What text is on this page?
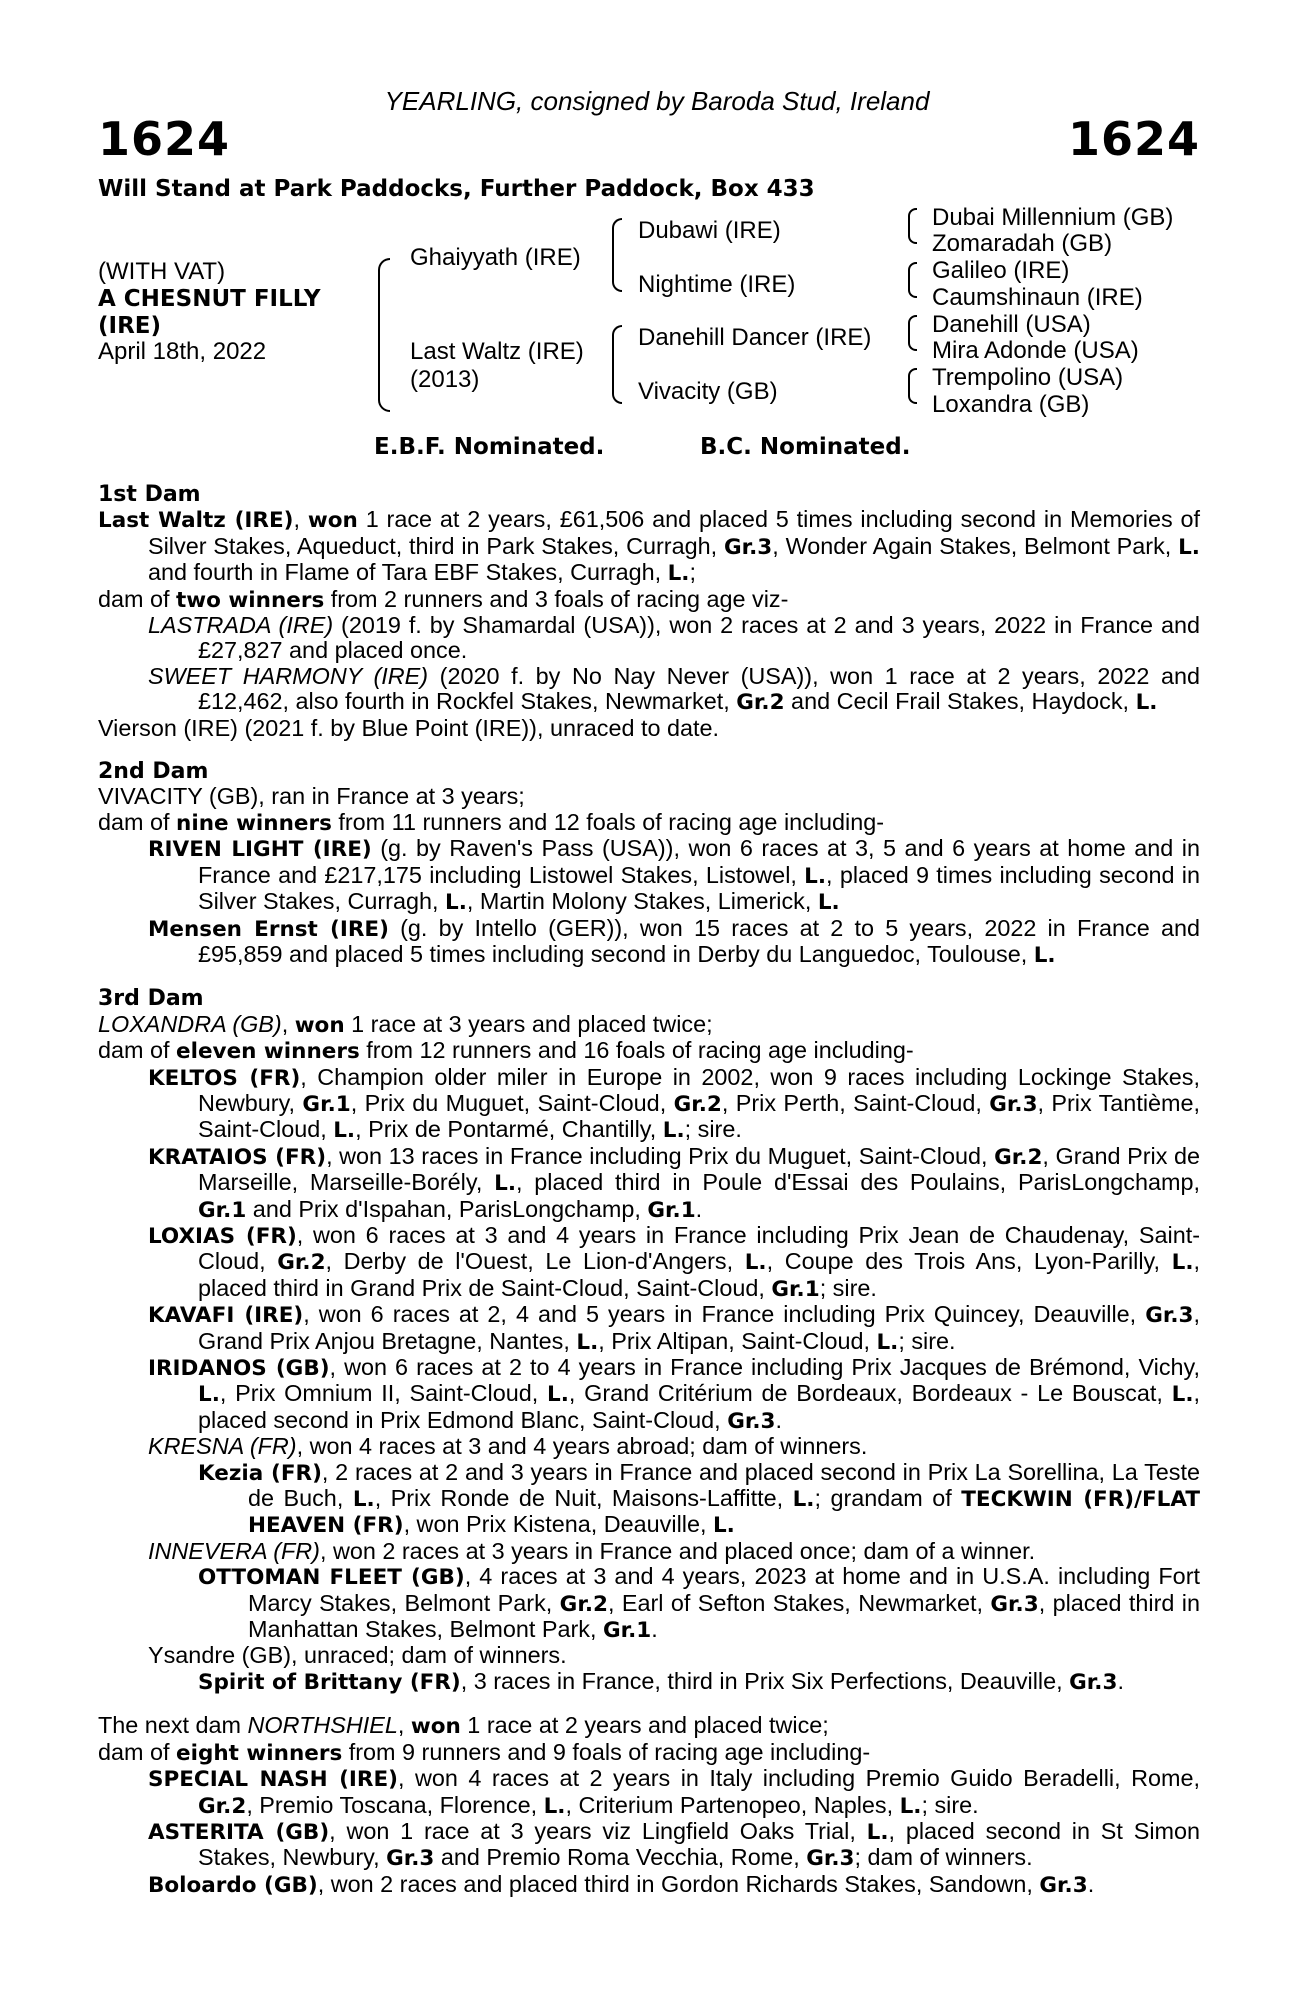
YEARLING, consigned by Baroda Stud, Ireland
1624	1624
Will Stand at Park Paddocks, Further Paddock, Box 433
(WITH VAT)
A CHESNUT FILLY
(IRE)
April 18th, 2022
Ghaiyyath (IRE)
Last Waltz (IRE)
(2013)
Dubawi (IRE)
Nightime (IRE)
Danehill Dancer (IRE)
Vivacity (GB)
Dubai Millennium (GB)
Zomaradah (GB)
Galileo (IRE)
Caumshinaun (IRE)
Danehill (USA)
Mira Adonde (USA)
Trempolino (USA)
Loxandra (GB)
E.B.F. Nominated.	B.C. Nominated.
1st Dam
Last Waltz (IRE), won 1 race at 2 years, £61,506 and placed 5 times including second in Memories of Silver Stakes, Aqueduct, third in Park Stakes, Curragh, Gr.3, Wonder Again Stakes, Belmont Park, L. and fourth in Flame of Tara EBF Stakes, Curragh, L.;
dam of two winners from 2 runners and 3 foals of racing age viz-
LASTRADA (IRE) (2019 f. by Shamardal (USA)), won 2 races at 2 and 3 years, 2022 in France and £27,827 and placed once.
SWEET HARMONY (IRE) (2020 f. by No Nay Never (USA)), won 1 race at 2 years, 2022 and £12,462, also fourth in Rockfel Stakes, Newmarket, Gr.2 and Cecil Frail Stakes, Haydock, L.
Vierson (IRE) (2021 f. by Blue Point (IRE)), unraced to date.
2nd Dam
VIVACITY (GB), ran in France at 3 years;
dam of nine winners from 11 runners and 12 foals of racing age including-
RIVEN LIGHT (IRE) (g. by Raven's Pass (USA)), won 6 races at 3, 5 and 6 years at home and in France and £217,175 including Listowel Stakes, Listowel, L., placed 9 times including second in Silver Stakes, Curragh, L., Martin Molony Stakes, Limerick, L.
Mensen Ernst (IRE) (g. by Intello (GER)), won 15 races at 2 to 5 years, 2022 in France and £95,859 and placed 5 times including second in Derby du Languedoc, Toulouse, L.
3rd Dam
LOXANDRA (GB), won 1 race at 3 years and placed twice;
dam of eleven winners from 12 runners and 16 foals of racing age including-
KELTOS (FR), Champion older miler in Europe in 2002, won 9 races including Lockinge Stakes, Newbury, Gr.1, Prix du Muguet, Saint-Cloud, Gr.2, Prix Perth, Saint-Cloud, Gr.3, Prix Tantième, Saint-Cloud, L., Prix de Pontarmé, Chantilly, L.; sire.
KRATAIOS (FR), won 13 races in France including Prix du Muguet, Saint-Cloud, Gr.2, Grand Prix de Marseille, Marseille-Borély, L., placed third in Poule d'Essai des Poulains, ParisLongchamp, Gr.1 and Prix d'Ispahan, ParisLongchamp, Gr.1.
LOXIAS (FR), won 6 races at 3 and 4 years in France including Prix Jean de Chaudenay, Saint-Cloud, Gr.2, Derby de l'Ouest, Le Lion-d'Angers, L., Coupe des Trois Ans, Lyon-Parilly, L., placed third in Grand Prix de Saint-Cloud, Saint-Cloud, Gr.1; sire.
KAVAFI (IRE), won 6 races at 2, 4 and 5 years in France including Prix Quincey, Deauville, Gr.3, Grand Prix Anjou Bretagne, Nantes, L., Prix Altipan, Saint-Cloud, L.; sire.
IRIDANOS (GB), won 6 races at 2 to 4 years in France including Prix Jacques de Brémond, Vichy, L., Prix Omnium II, Saint-Cloud, L., Grand Critérium de Bordeaux, Bordeaux - Le Bouscat, L., placed second in Prix Edmond Blanc, Saint-Cloud, Gr.3.
KRESNA (FR), won 4 races at 3 and 4 years abroad; dam of winners.
Kezia (FR), 2 races at 2 and 3 years in France and placed second in Prix La Sorellina, La Teste de Buch, L., Prix Ronde de Nuit, Maisons-Laffitte, L.; grandam of TECKWIN (FR)/FLAT HEAVEN (FR), won Prix Kistena, Deauville, L.
INNEVERA (FR), won 2 races at 3 years in France and placed once; dam of a winner.
OTTOMAN FLEET (GB), 4 races at 3 and 4 years, 2023 at home and in U.S.A. including Fort Marcy Stakes, Belmont Park, Gr.2, Earl of Sefton Stakes, Newmarket, Gr.3, placed third in Manhattan Stakes, Belmont Park, Gr.1.
Ysandre (GB), unraced; dam of winners.
Spirit of Brittany (FR), 3 races in France, third in Prix Six Perfections, Deauville, Gr.3.
The next dam NORTHSHIEL, won 1 race at 2 years and placed twice;
dam of eight winners from 9 runners and 9 foals of racing age including-
SPECIAL NASH (IRE), won 4 races at 2 years in Italy including Premio Guido Beradelli, Rome, Gr.2, Premio Toscana, Florence, L., Criterium Partenopeo, Naples, L.; sire.
ASTERITA (GB), won 1 race at 3 years viz Lingfield Oaks Trial, L., placed second in St Simon Stakes, Newbury, Gr.3 and Premio Roma Vecchia, Rome, Gr.3; dam of winners.
Boloardo (GB), won 2 races and placed third in Gordon Richards Stakes, Sandown, Gr.3.
